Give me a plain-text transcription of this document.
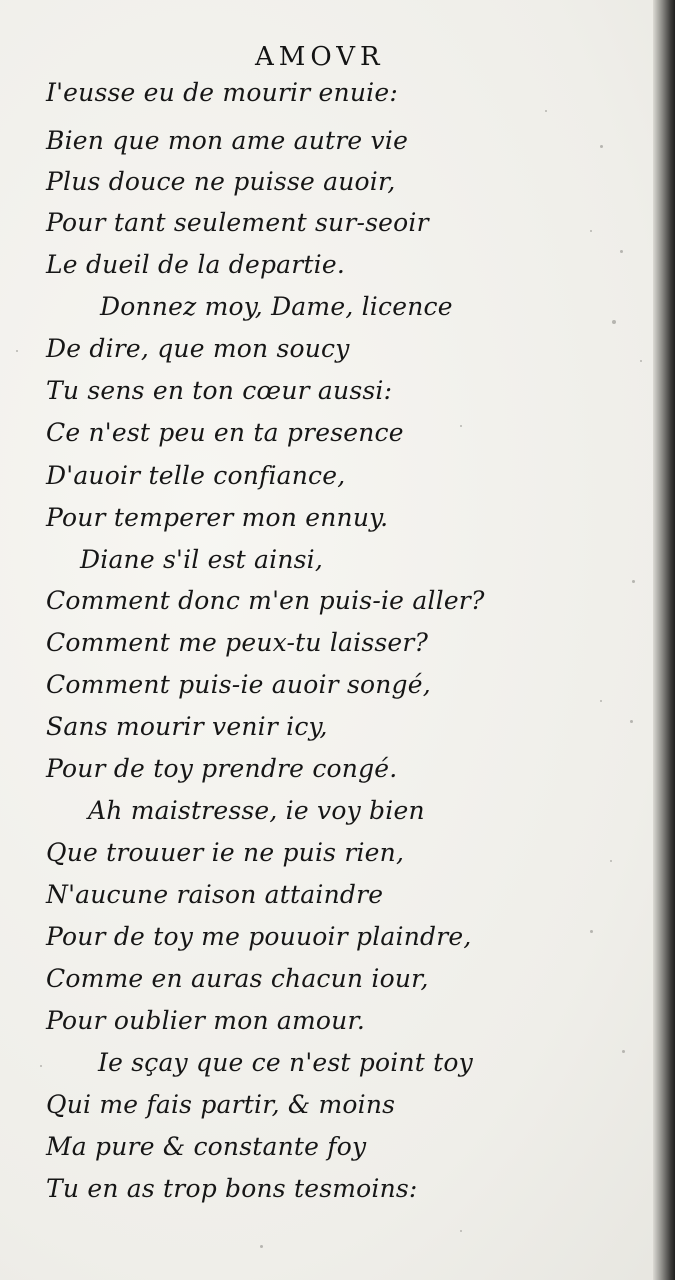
AMOVR
I'eusse eu de mourir enuie:
Bien que mon ame autre vie
Plus douce ne puisse auoir,
Pour tant seulement sur-seoir
Le dueil de la departie.
Donnez moy, Dame, licence
De dire, que mon soucy
Tu sens en ton cœur aussi:
Ce n'est peu en ta presence
D'auoir telle confiance,
Pour temperer mon ennuy.
Diane s'il est ainsi,
Comment donc m'en puis-ie aller?
Comment me peux-tu laisser?
Comment puis-ie auoir songé,
Sans mourir venir icy,
Pour de toy prendre congé.
Ah maistresse, ie voy bien
Que trouuer ie ne puis rien,
N'aucune raison attaindre
Pour de toy me pouuoir plaindre,
Comme en auras chacun iour,
Pour oublier mon amour.
Ie sçay que ce n'est point toy
Qui me fais partir, & moins
Ma pure & constante foy
Tu en as trop bons tesmoins:
